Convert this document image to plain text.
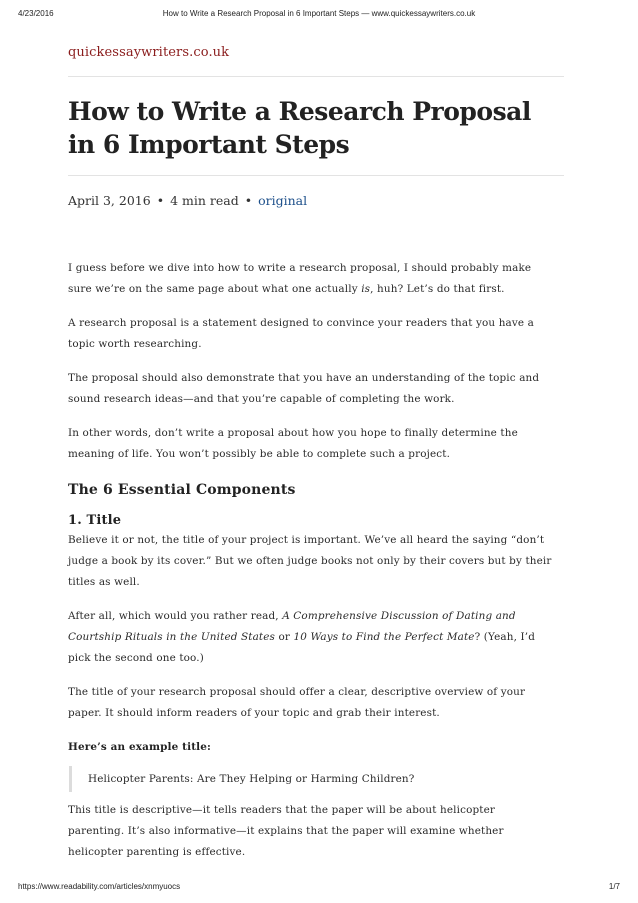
4/23/2016	How to Write a Research Proposal in 6 Important Steps — www.quickessaywriters.co.uk
quickessaywriters.co.uk
How to Write a Research Proposal in 6 Important Steps
April 3, 2016 • 4 min read • original

I guess before we dive into how to write a research proposal, I should probably make
sure we’re on the same page about what one actually is, huh? Let’s do that first.

A research proposal is a statement designed to convince your readers that you have a
topic worth researching.

The proposal should also demonstrate that you have an understanding of the topic and
sound research ideas—and that you’re capable of completing the work.

In other words, don’t write a proposal about how you hope to finally determine the
meaning of life. You won’t possibly be able to complete such a project.

The 6 Essential Components
1. Title

Believe it or not, the title of your project is important. We’ve all heard the saying “don’t
judge a book by its cover.” But we often judge books not only by their covers but by their
titles as well.

After all, which would you rather read, A Comprehensive Discussion of Dating and
Courtship Rituals in the United States or 10 Ways to Find the Perfect Mate? (Yeah, I’d
pick the second one too.)

The title of your research proposal should offer a clear, descriptive overview of your
paper. It should inform readers of your topic and grab their interest.

Here’s an example title:

Helicopter Parents: Are They Helping or Harming Children?

This title is descriptive—it tells readers that the paper will be about helicopter
parenting. It’s also informative—it explains that the paper will examine whether
helicopter parenting is effective.

https://www.readability.com/articles/xnmyuocs	1/7
